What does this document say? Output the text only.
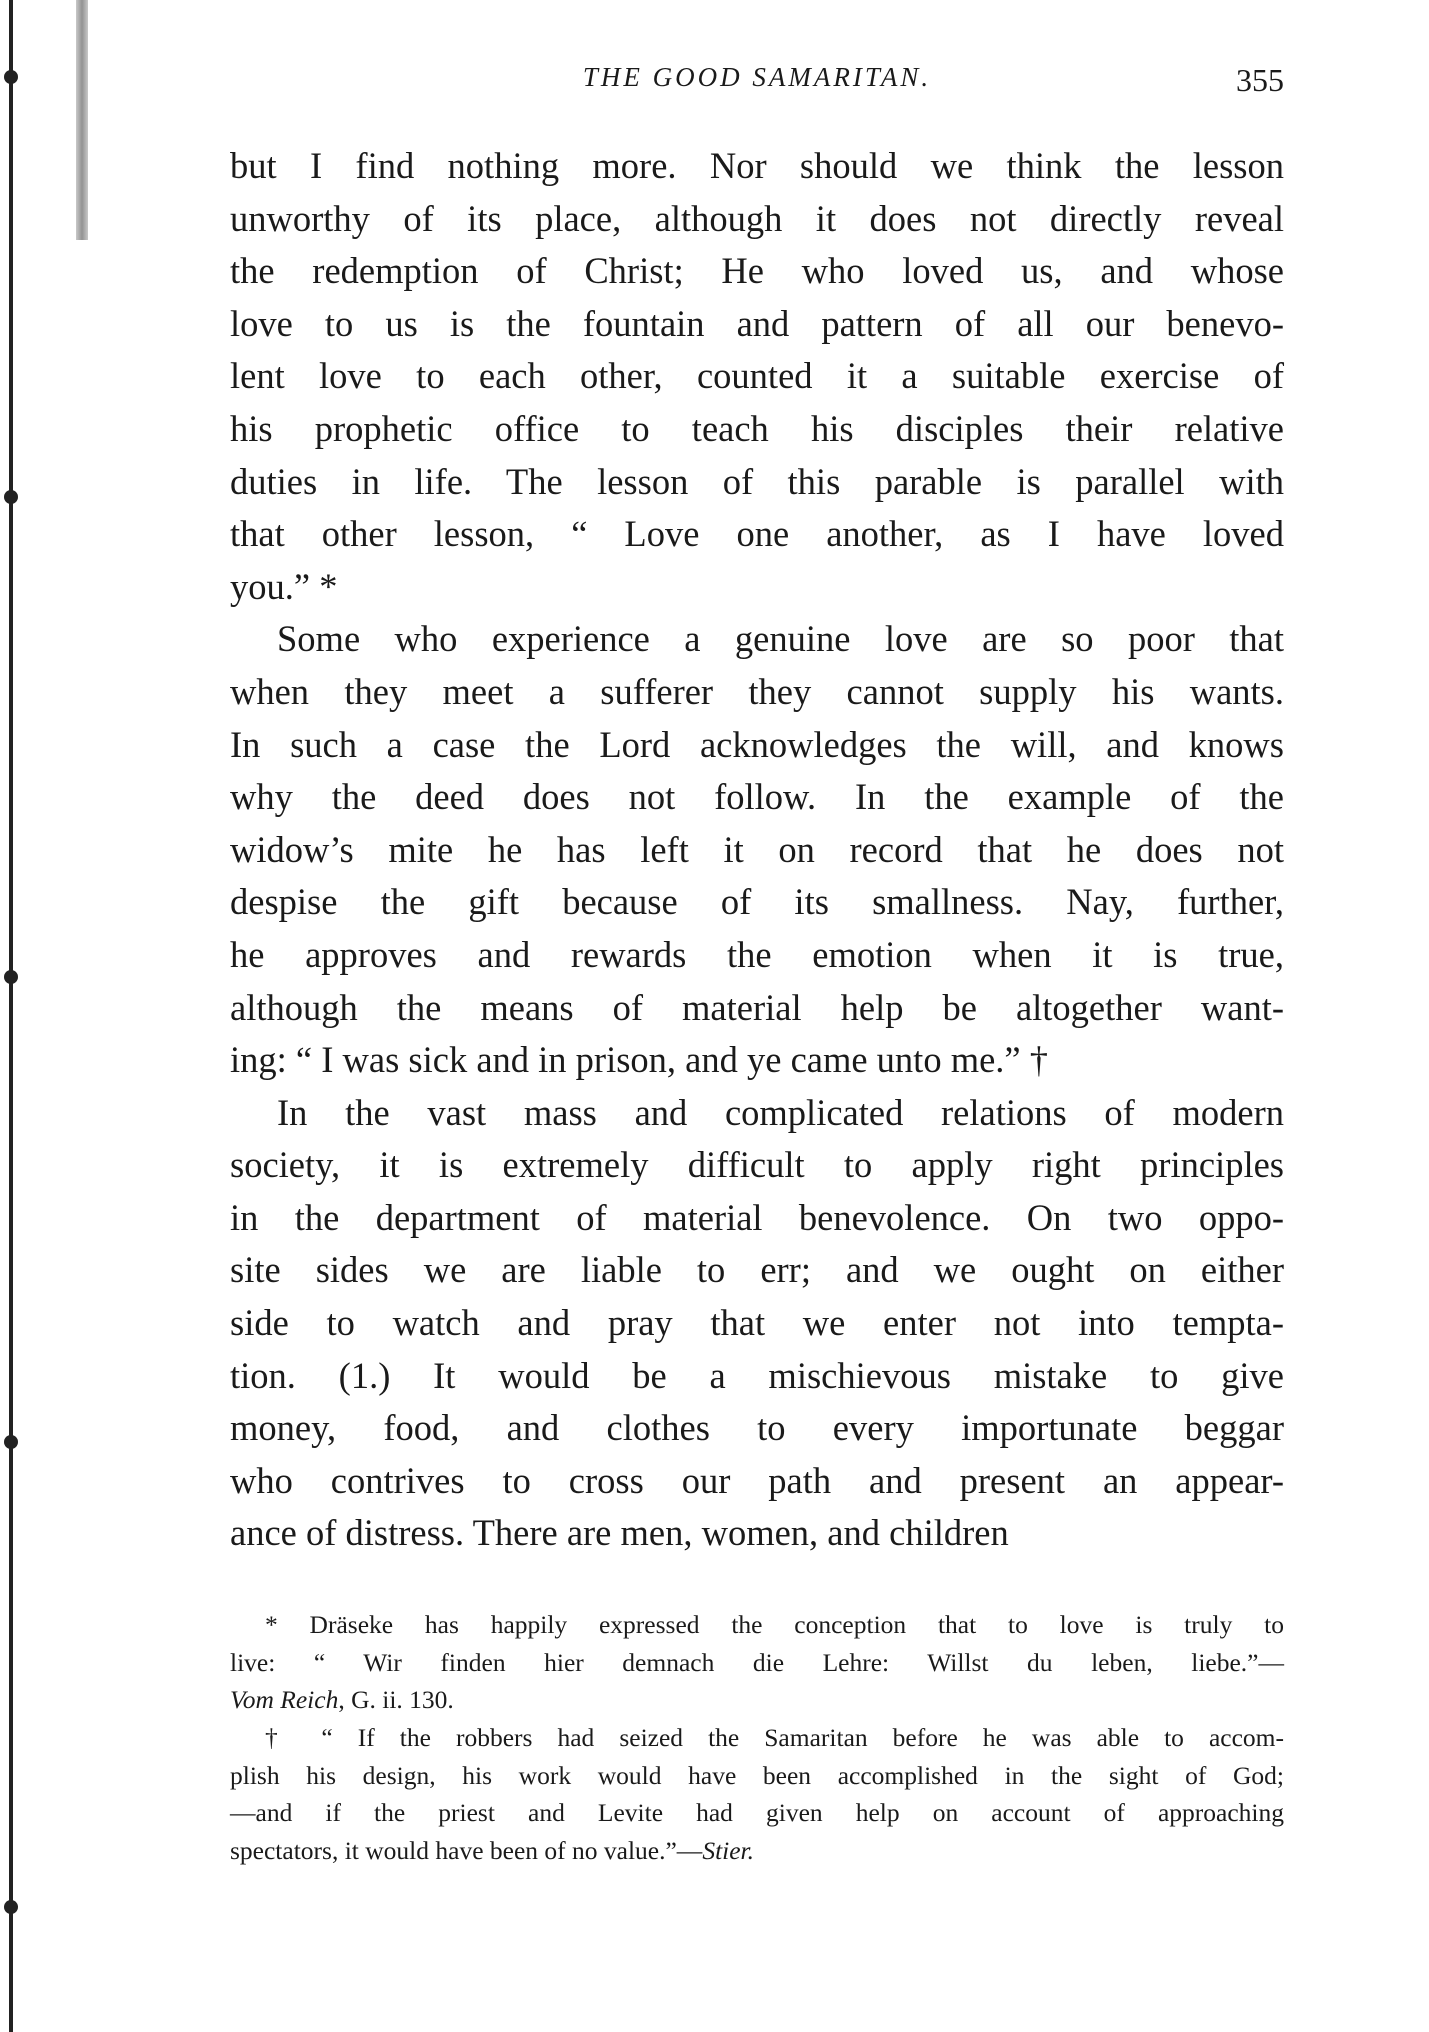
THE GOOD SAMARITAN.	355
but I find nothing more. Nor should we think the lesson
unworthy of its place, although it does not directly reveal
the redemption of Christ; He who loved us, and whose
love to us is the fountain and pattern of all our benevo-
lent love to each other, counted it a suitable exercise of
his prophetic office to teach his disciples their relative
duties in life. The lesson of this parable is parallel with
that other lesson, “ Love one another, as I have loved
you.” *
Some who experience a genuine love are so poor that
when they meet a sufferer they cannot supply his wants.
In such a case the Lord acknowledges the will, and knows
why the deed does not follow. In the example of the
widow’s mite he has left it on record that he does not
despise the gift because of its smallness. Nay, further,
he approves and rewards the emotion when it is true,
although the means of material help be altogether want-
ing: “ I was sick and in prison, and ye came unto me.” †
In the vast mass and complicated relations of modern
society, it is extremely difficult to apply right principles
in the department of material benevolence. On two oppo-
site sides we are liable to err; and we ought on either
side to watch and pray that we enter not into tempta-
tion. (1.) It would be a mischievous mistake to give
money, food, and clothes to every importunate beggar
who contrives to cross our path and present an appear-
ance of distress. There are men, women, and children
* Dräseke has happily expressed the conception that to love is truly to
live: “ Wir finden hier demnach die Lehre: Willst du leben, liebe.”—
Vom Reich, G. ii. 130.
† “ If the robbers had seized the Samaritan before he was able to accom-
plish his design, his work would have been accomplished in the sight of God;
—and if the priest and Levite had given help on account of approaching
spectators, it would have been of no value.”—Stier.
